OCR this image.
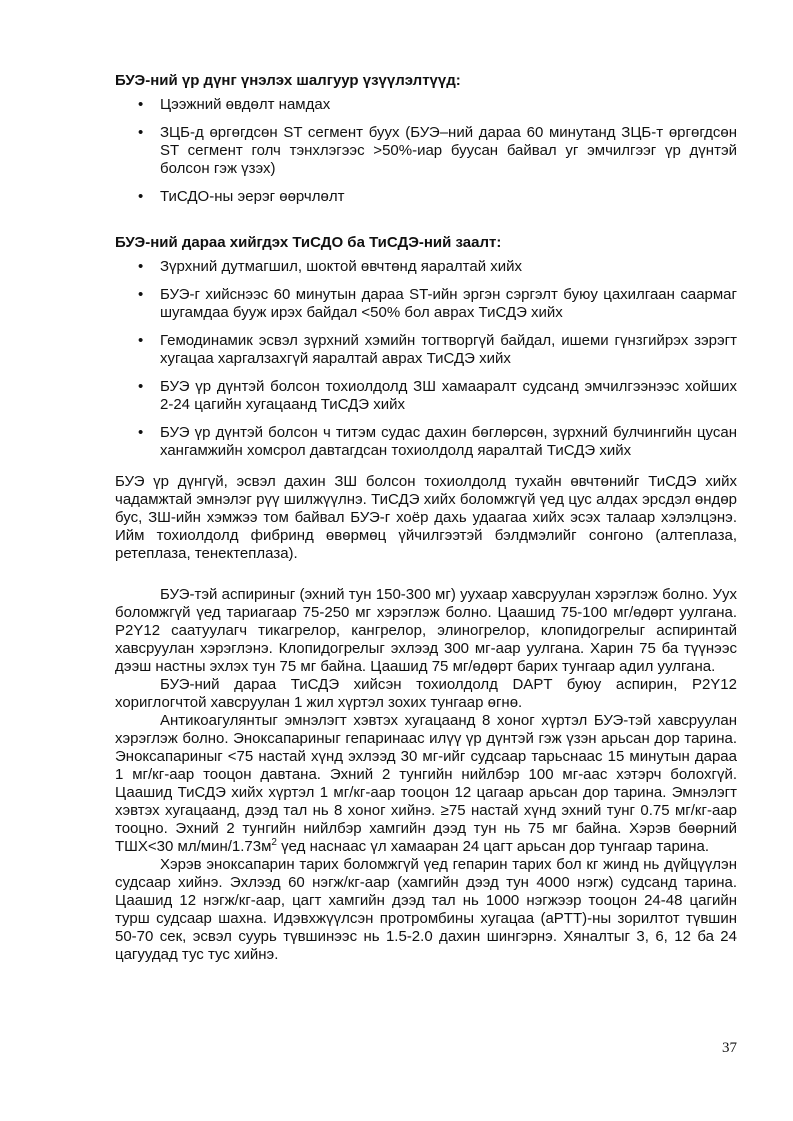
БУЭ-ний үр дүнг үнэлэх шалгуур үзүүлэлтүүд:
• Цээжний өвдөлт намдах
• ЗЦБ-д өргөгдсөн ST сегмент буух (БУЭ–ний дараа 60 минутанд ЗЦБ-т өргөгдсөн ST сегмент голч тэнхлэгээс >50%-иар буусан байвал уг эмчилгээг үр дүнтэй болсон гэж үзэх)
• ТиСДО-ны эерэг өөрчлөлт
БУЭ-ний дараа хийгдэх ТиСДО ба ТиСДЭ-ний заалт:
• Зүрхний дутмагшил, шоктой өвчтөнд яаралтай хийх
• БУЭ-г хийснээс 60 минутын дараа ST-ийн эргэн сэргэлт буюу цахилгаан саармаг шугамдаа бууж ирэх байдал <50% бол аврах ТиСДЭ хийх
• Гемодинамик эсвэл зүрхний хэмийн тогтворгүй байдал, ишеми гүнзгийрэх зэрэгт хугацаа харгалзахгүй яаралтай аврах ТиСДЭ хийх
• БУЭ үр дүнтэй болсон тохиолдолд ЗШ хамааралт судсанд эмчилгээнээс хойших 2-24 цагийн хугацаанд ТиСДЭ хийх
• БУЭ үр дүнтэй болсон ч титэм судас дахин бөглөрсөн, зүрхний булчингийн цусан хангамжийн хомсрол давтагдсан тохиолдолд яаралтай ТиСДЭ хийх

БУЭ үр дүнгүй, эсвэл дахин ЗШ болсон тохиолдолд тухайн өвчтөнийг ТиСДЭ хийх чадамжтай эмнэлэг рүү шилжүүлнэ. ТиСДЭ хийх боломжгүй үед цус алдах эрсдэл өндөр бус, ЗШ-ийн хэмжээ том байвал БУЭ-г хоёр дахь удаагаа хийх эсэх талаар хэлэлцэнэ. Ийм тохиолдолд фибринд өвөрмөц үйчилгээтэй бэлдмэлийг сонгоно (алтеплаза, ретеплаза, тенектеплаза).

БУЭ-тэй аспириныг (эхний тун 150-300 мг) уухаар хавсруулан хэрэглэж болно. Уух боломжгүй үед тариагаар 75-250 мг хэрэглэж болно. Цаашид 75-100 мг/өдөрт уулгана. P2Y12 саатуулагч тикагрелор, кангрелор, элиногрелор, клопидогрелыг аспиринтай хавсруулан хэрэглэнэ. Клопидогрелыг эхлээд 300 мг-аар уулгана. Харин 75 ба түүнээс дээш настны эхлэх тун 75 мг байна. Цаашид 75 мг/өдөрт барих тунгаар адил уулгана.

БУЭ-ний дараа ТиСДЭ хийсэн тохиолдолд DAPT буюу аспирин, P2Y12 хориглогчтой хавсруулан 1 жил хүртэл зохих тунгаар өгнө.

Антикоагулянтыг эмнэлэгт хэвтэх хугацаанд 8 хоног хүртэл БУЭ-тэй хавсруулан хэрэглэж болно. Эноксапариныг гепаринаас илүү үр дүнтэй гэж үзэн арьсан дор тарина. Эноксапариныг <75 настай хүнд эхлээд 30 мг-ийг судсаар тарьснаас 15 минутын дараа 1 мг/кг-аар тооцон давтана. Эхний 2 тунгийн нийлбэр 100 мг-аас хэтэрч болохгүй. Цаашид ТиСДЭ хийх хүртэл 1 мг/кг-аар тооцон 12 цагаар арьсан дор тарина. Эмнэлэгт хэвтэх хугацаанд, дээд тал нь 8 хоног хийнэ. ≥75 настай хүнд эхний тунг 0.75 мг/кг-аар тооцно. Эхний 2 тунгийн нийлбэр хамгийн дээд тун нь 75 мг байна. Хэрэв бөөрний ТШХ<30 $мл/мин/1.73м^2$ үед наснаас үл хамааран 24 цагт арьсан дор тунгаар тарина.

Хэрэв эноксапарин тарих боломжгүй үед гепарин тарих бол кг жинд нь дүйцүүлэн судсаар хийнэ. Эхлээд 60 нэгж/кг-аар (хамгийн дээд тун 4000 нэгж) судсанд тарина. Цаашид 12 нэгж/кг-аар, цагт хамгийн дээд тал нь 1000 нэгжээр тооцон 24-48 цагийн турш судсаар шахна. Идэвхжүүлсэн протромбины хугацаа (aPTT)-ны зорилтот түвшин 50-70 сек, эсвэл суурь түвшинээс нь 1.5-2.0 дахин шингэрнэ. Хяналтыг 3, 6, 12 ба 24 цагуудад тус тус хийнэ.

37
